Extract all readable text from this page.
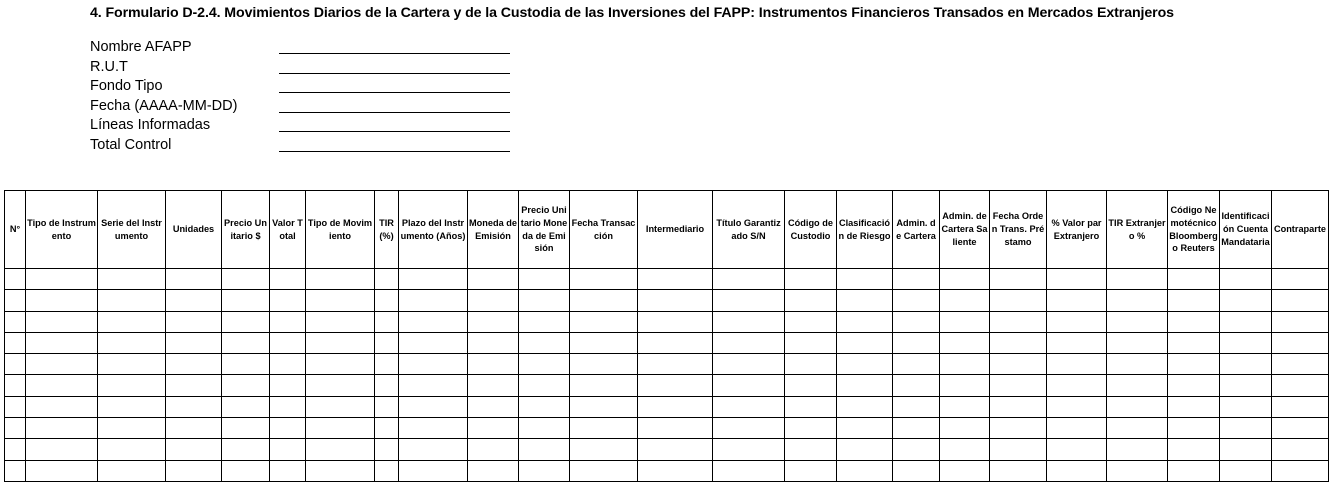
4. Formulario D-2.4. Movimientos Diarios de la Cartera y de la Custodia de las Inversiones del FAPP: Instrumentos Financieros Transados en Mercados Extranjeros
Nombre AFAPP
R.U.T
Fondo Tipo
Fecha (AAAA-MM-DD)
Líneas Informadas
Total Control
N°	Tipo de Instrumento	Serie del Instrumento	Unidades	Precio Unitario $	Valor Total	Tipo de Movimiento	TIR (%)	Plazo del Instrumento (Años)	Moneda de Emisión	Precio Unitario Moneda de Emisión	Fecha Transacción	Intermediario	Título Garantizado S/N	Código de Custodio	Clasificación de Riesgo	Admin. de Cartera	Admin. de Cartera Saliente	Fecha Orden Trans. Préstamo	% Valor par Extranjero	TIR Extranjero %	Código Nemotécnico Bloomberg o Reuters	Identificación Cuenta Mandataria	Contraparte
